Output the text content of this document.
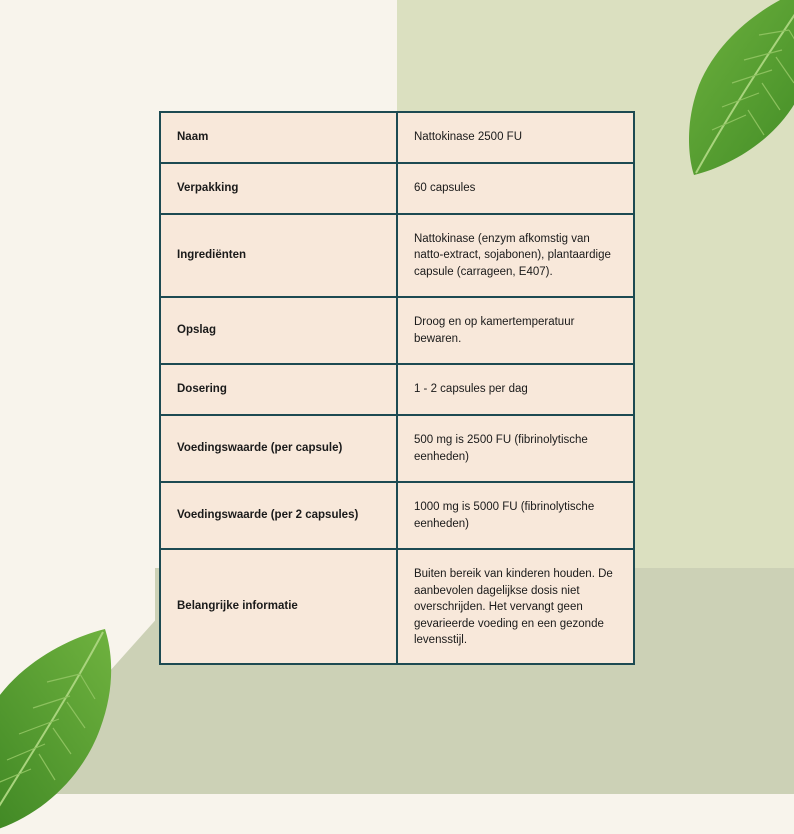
Naam	Nattokinase 2500 FU
Verpakking	60 capsules
Ingrediënten	Nattokinase (enzym afkomstig van natto-extract, sojabonen), plantaardige capsule (carrageen, E407).
Opslag	Droog en op kamertemperatuur bewaren.
Dosering	1 - 2 capsules per dag
Voedingswaarde (per capsule)	500 mg is 2500 FU (fibrinolytische eenheden)
Voedingswaarde (per 2 capsules)	1000 mg is 5000 FU (fibrinolytische eenheden)
Belangrijke informatie	Buiten bereik van kinderen houden. De aanbevolen dagelijkse dosis niet overschrijden. Het vervangt geen gevarieerde voeding en een gezonde levensstijl.
